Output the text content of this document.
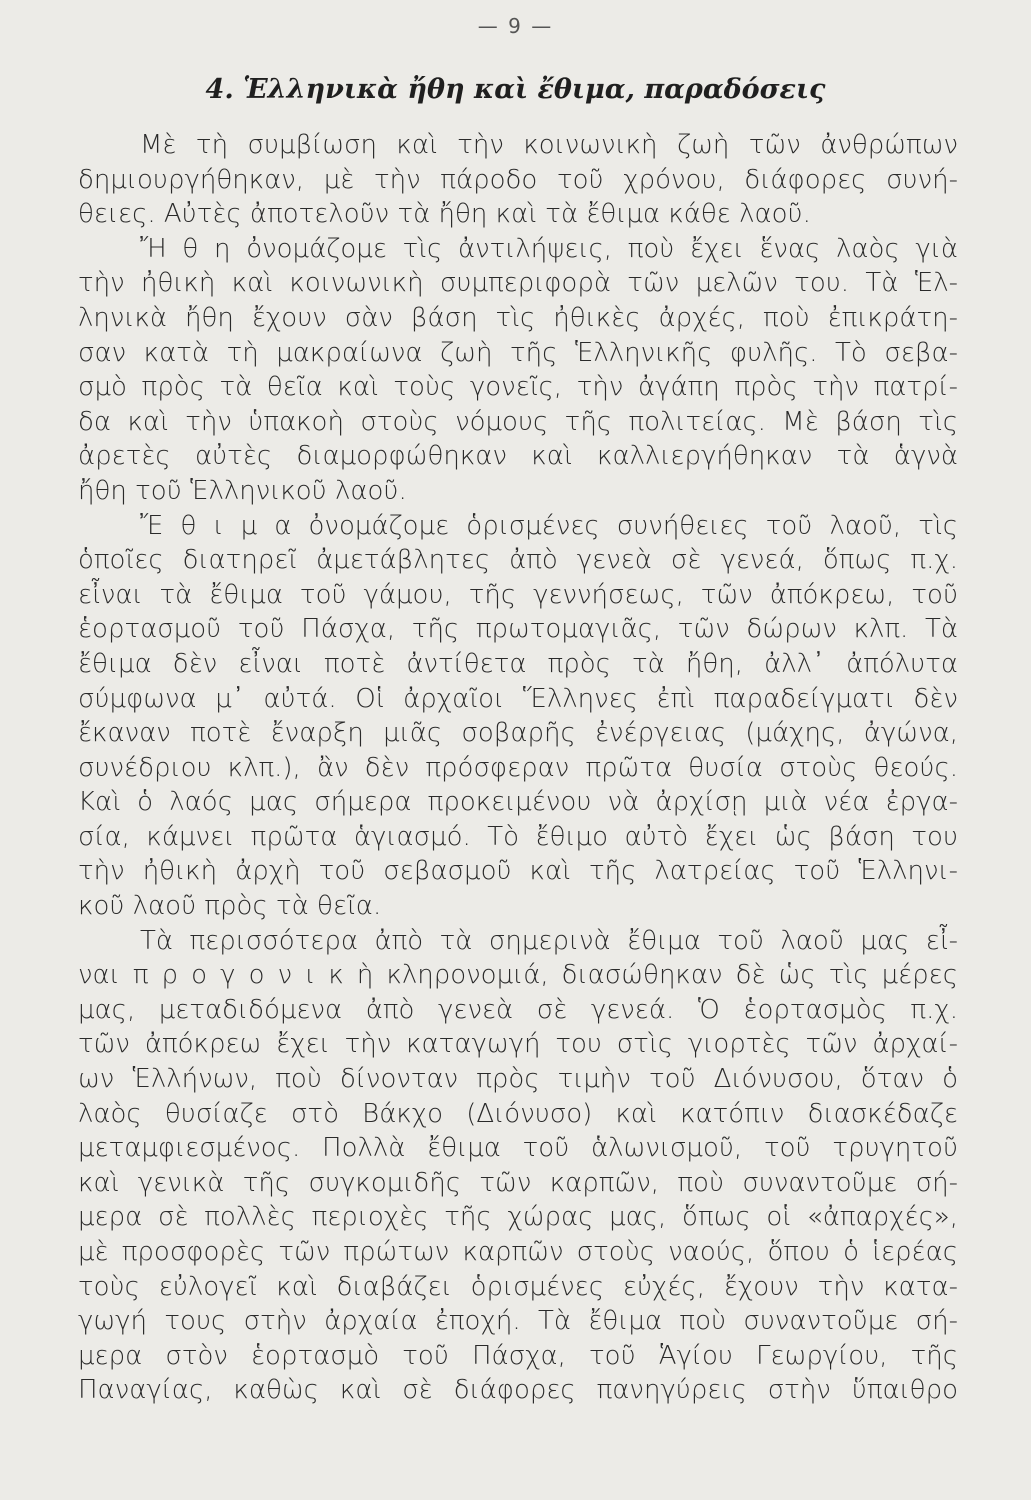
— 9 —
4. Ἑλληνικὰ ἤθη καὶ ἔθιμα, παραδόσεις
Μὲ τὴ συμβίωση καὶ τὴν κοινωνικὴ ζωὴ τῶν ἀνθρώπων
δημιουργήθηκαν, μὲ τὴν πάροδο τοῦ χρόνου, διάφορες συνή-
θειες. Αὐτὲς ἀποτελοῦν τὰ ἤθη καὶ τὰ ἔθιμα κάθε λαοῦ.
Ἤ θ η ὀνομάζομε τὶς ἀντιλήψεις, ποὺ ἔχει ἕνας λαὸς γιὰ
τὴν ἠθικὴ καὶ κοινωνικὴ συμπεριφορὰ τῶν μελῶν του. Τὰ Ἑλ-
ληνικὰ ἤθη ἔχουν σὰν βάση τὶς ἠθικὲς ἀρχές, ποὺ ἐπικράτη-
σαν κατὰ τὴ μακραίωνα ζωὴ τῆς Ἑλληνικῆς φυλῆς. Τὸ σεβα-
σμὸ πρὸς τὰ θεῖα καὶ τοὺς γονεῖς, τὴν ἀγάπη πρὸς τὴν πατρί-
δα καὶ τὴν ὑπακοὴ στοὺς νόμους τῆς πολιτείας. Μὲ βάση τὶς
ἀρετὲς αὐτὲς διαμορφώθηκαν καὶ καλλιεργήθηκαν τὰ ἁγνὰ
ἤθη τοῦ Ἑλληνικοῦ λαοῦ.
Ἔ θ ι μ α ὀνομάζομε ὁρισμένες συνήθειες τοῦ λαοῦ, τὶς
ὁποῖες διατηρεῖ ἀμετάβλητες ἀπὸ γενεὰ σὲ γενεά, ὅπως π.χ.
εἶναι τὰ ἔθιμα τοῦ γάμου, τῆς γεννήσεως, τῶν ἀπόκρεω, τοῦ
ἑορτασμοῦ τοῦ Πάσχα, τῆς πρωτομαγιᾶς, τῶν δώρων κλπ. Τὰ
ἔθιμα δὲν εἶναι ποτὲ ἀντίθετα πρὸς τὰ ἤθη, ἀλλ᾽ ἀπόλυτα
σύμφωνα μ᾽ αὐτά. Οἱ ἀρχαῖοι Ἕλληνες ἐπὶ παραδείγματι δὲν
ἔκαναν ποτὲ ἔναρξη μιᾶς σοβαρῆς ἐνέργειας (μάχης, ἀγώνα,
συνέδριου κλπ.), ἂν δὲν πρόσφεραν πρῶτα θυσία στοὺς θεούς.
Καὶ ὁ λαός μας σήμερα προκειμένου νὰ ἀρχίσῃ μιὰ νέα ἐργα-
σία, κάμνει πρῶτα ἁγιασμό. Τὸ ἔθιμο αὐτὸ ἔχει ὡς βάση του
τὴν ἠθικὴ ἀρχὴ τοῦ σεβασμοῦ καὶ τῆς λατρείας τοῦ Ἑλληνι-
κοῦ λαοῦ πρὸς τὰ θεῖα.
Τὰ περισσότερα ἀπὸ τὰ σημερινὰ ἔθιμα τοῦ λαοῦ μας εἶ-
ναι π ρ ο γ ο ν ι κ ὴ κληρονομιά, διασώθηκαν δὲ ὡς τὶς μέρες
μας, μεταδιδόμενα ἀπὸ γενεὰ σὲ γενεά. Ὁ ἑορτασμὸς π.χ.
τῶν ἀπόκρεω ἔχει τὴν καταγωγή του στὶς γιορτὲς τῶν ἀρχαί-
ων Ἑλλήνων, ποὺ δίνονταν πρὸς τιμὴν τοῦ Διόνυσου, ὅταν ὁ
λαὸς θυσίαζε στὸ Βάκχο (Διόνυσο) καὶ κατόπιν διασκέδαζε
μεταμφιεσμένος. Πολλὰ ἔθιμα τοῦ ἁλωνισμοῦ, τοῦ τρυγητοῦ
καὶ γενικὰ τῆς συγκομιδῆς τῶν καρπῶν, ποὺ συναντοῦμε σή-
μερα σὲ πολλὲς περιοχὲς τῆς χώρας μας, ὅπως οἱ «ἀπαρχές»,
μὲ προσφορὲς τῶν πρώτων καρπῶν στοὺς ναούς, ὅπου ὁ ἱερέας
τοὺς εὐλογεῖ καὶ διαβάζει ὁρισμένες εὐχές, ἔχουν τὴν κατα-
γωγή τους στὴν ἀρχαία ἐποχή. Τὰ ἔθιμα ποὺ συναντοῦμε σή-
μερα στὸν ἑορτασμὸ τοῦ Πάσχα, τοῦ Ἁγίου Γεωργίου, τῆς
Παναγίας, καθὼς καὶ σὲ διάφορες πανηγύρεις στὴν ὕπαιθρο
